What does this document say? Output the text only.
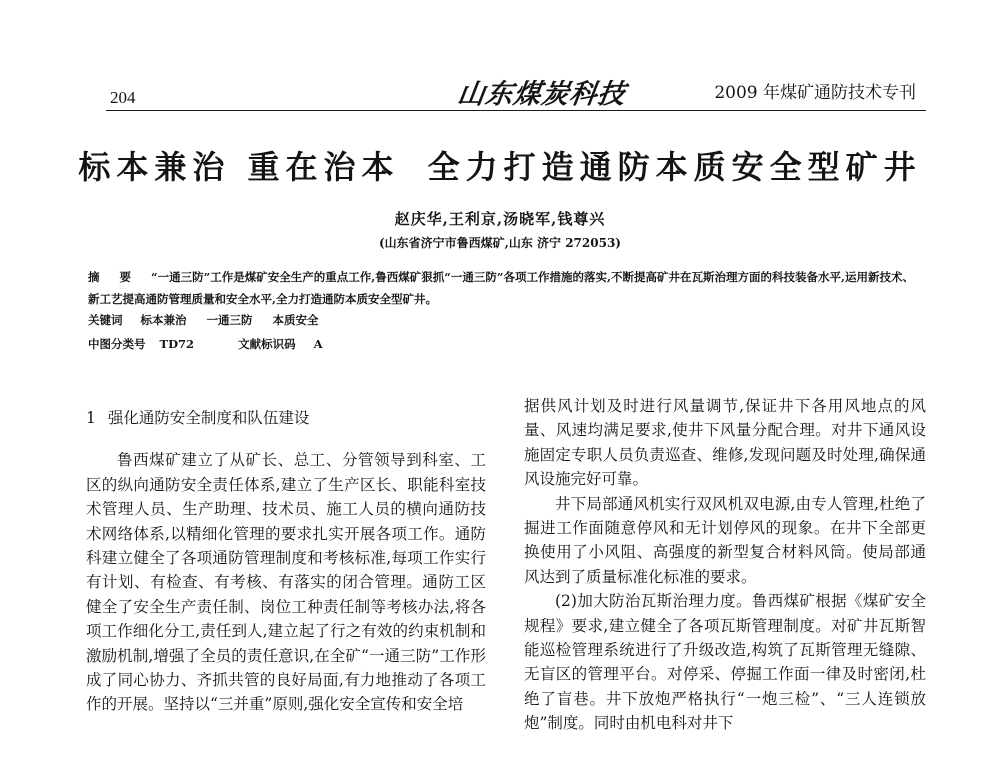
204	山东煤炭科技	2009 年煤矿通防技术专刊
标本兼治 重在治本 全力打造通防本质安全型矿井
赵庆华,王利京,汤晓军,钱尊兴
(山东省济宁市鲁西煤矿,山东 济宁 272053)
摘 要 “一通三防”工作是煤矿安全生产的重点工作,鲁西煤矿狠抓“一通三防”各项工作措施的落实,不断提高矿井在瓦斯治理方面的科技装备水平,运用新技术、新工艺提高通防管理质量和安全水平,全力打造通防本质安全型矿井。
关键词 标本兼治 一通三防 本质安全
中图分类号 TD72	文献标识码 A
1 强化通防安全制度和队伍建设

鲁西煤矿建立了从矿长、总工、分管领导到科室、工区的纵向通防安全责任体系,建立了生产区长、职能科室技术管理人员、生产助理、技术员、施工人员的横向通防技术网络体系,以精细化管理的要求扎实开展各项工作。通防科建立健全了各项通防管理制度和考核标准,每项工作实行有计划、有检查、有考核、有落实的闭合管理。通防工区健全了安全生产责任制、岗位工种责任制等考核办法,将各项工作细化分工,责任到人,建立起了行之有效的约束机制和激励机制,增强了全员的责任意识,在全矿“一通三防”工作形成了同心协力、齐抓共管的良好局面,有力地推动了各项工作的开展。坚持以“三并重”原则,强化安全宣传和安全培

据供风计划及时进行风量调节,保证井下各用风地点的风量、风速均满足要求,使井下风量分配合理。对井下通风设施固定专职人员负责巡查、维修,发现问题及时处理,确保通风设施完好可靠。

井下局部通风机实行双风机双电源,由专人管理,杜绝了掘进工作面随意停风和无计划停风的现象。在井下全部更换使用了小风阻、高强度的新型复合材料风筒。使局部通风达到了质量标准化标准的要求。

(2)加大防治瓦斯治理力度。鲁西煤矿根据《煤矿安全规程》要求,建立健全了各项瓦斯管理制度。对矿井瓦斯智能巡检管理系统进行了升级改造,构筑了瓦斯管理无缝隙、无盲区的管理平台。对停采、停掘工作面一律及时密闭,杜绝了盲巷。井下放炮严格执行“一炮三检”、“三人连锁放炮”制度。同时由机电科对井下
